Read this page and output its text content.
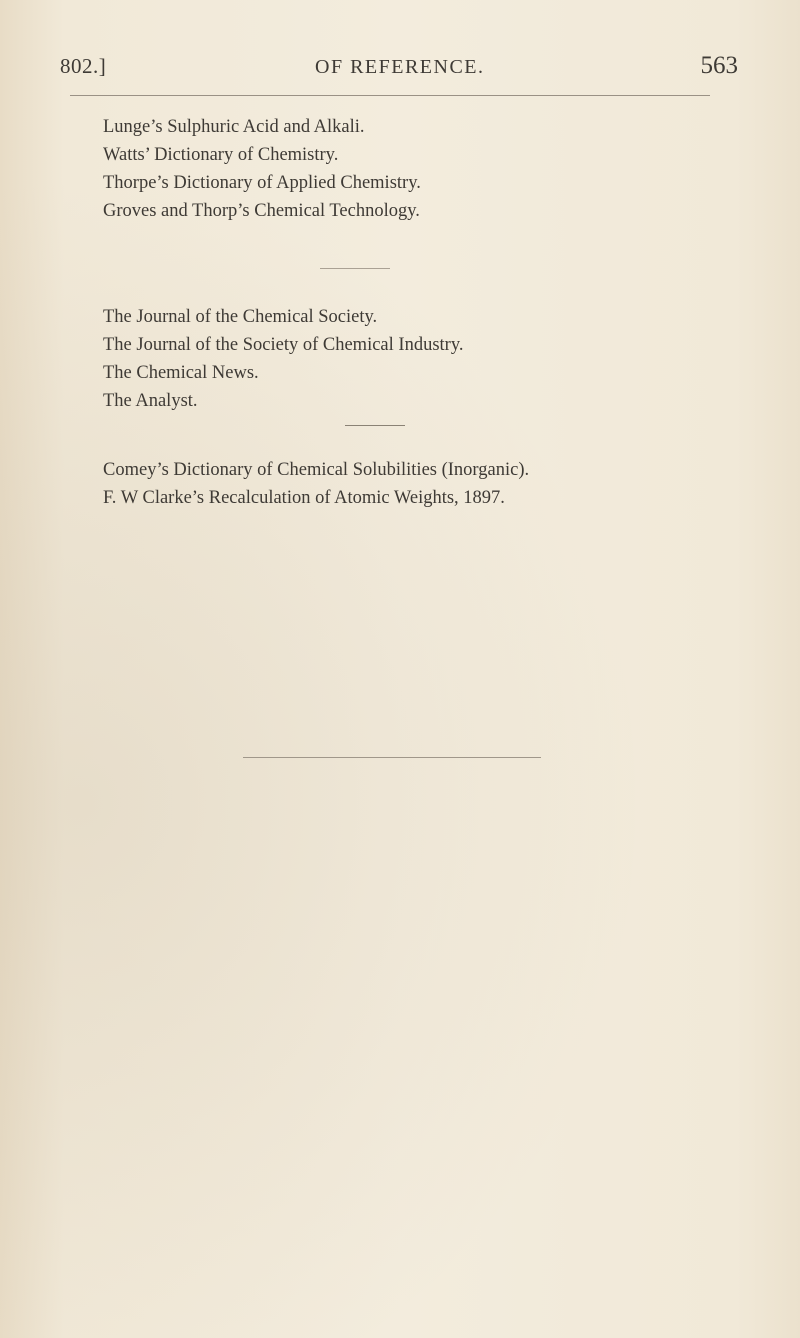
802.]	OF REFERENCE.	563
Lunge’s Sulphuric Acid and Alkali.
Watts’ Dictionary of Chemistry.
Thorpe’s Dictionary of Applied Chemistry.
Groves and Thorp’s Chemical Technology.
The Journal of the Chemical Society.
The Journal of the Society of Chemical Industry.
The Chemical News.
The Analyst.
Comey’s Dictionary of Chemical Solubilities (Inorganic).
F. W Clarke’s Recalculation of Atomic Weights, 1897.
